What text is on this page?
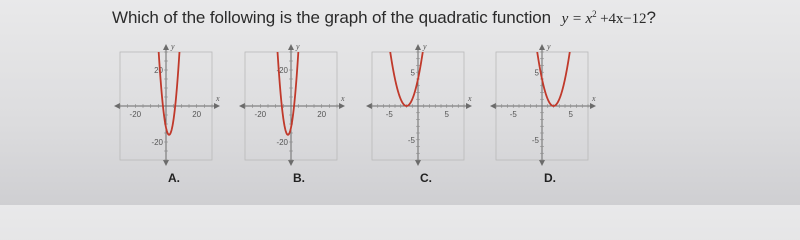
Which of the following is the graph of the quadratic function $y = x^2 +4x-12$?
-20	20
20
-20
x
y
A.
-20	20
-20
-20
x
y
B.
-5	5
5
-5
x
y
C.
-5	5
5
-5
x
y
D.
